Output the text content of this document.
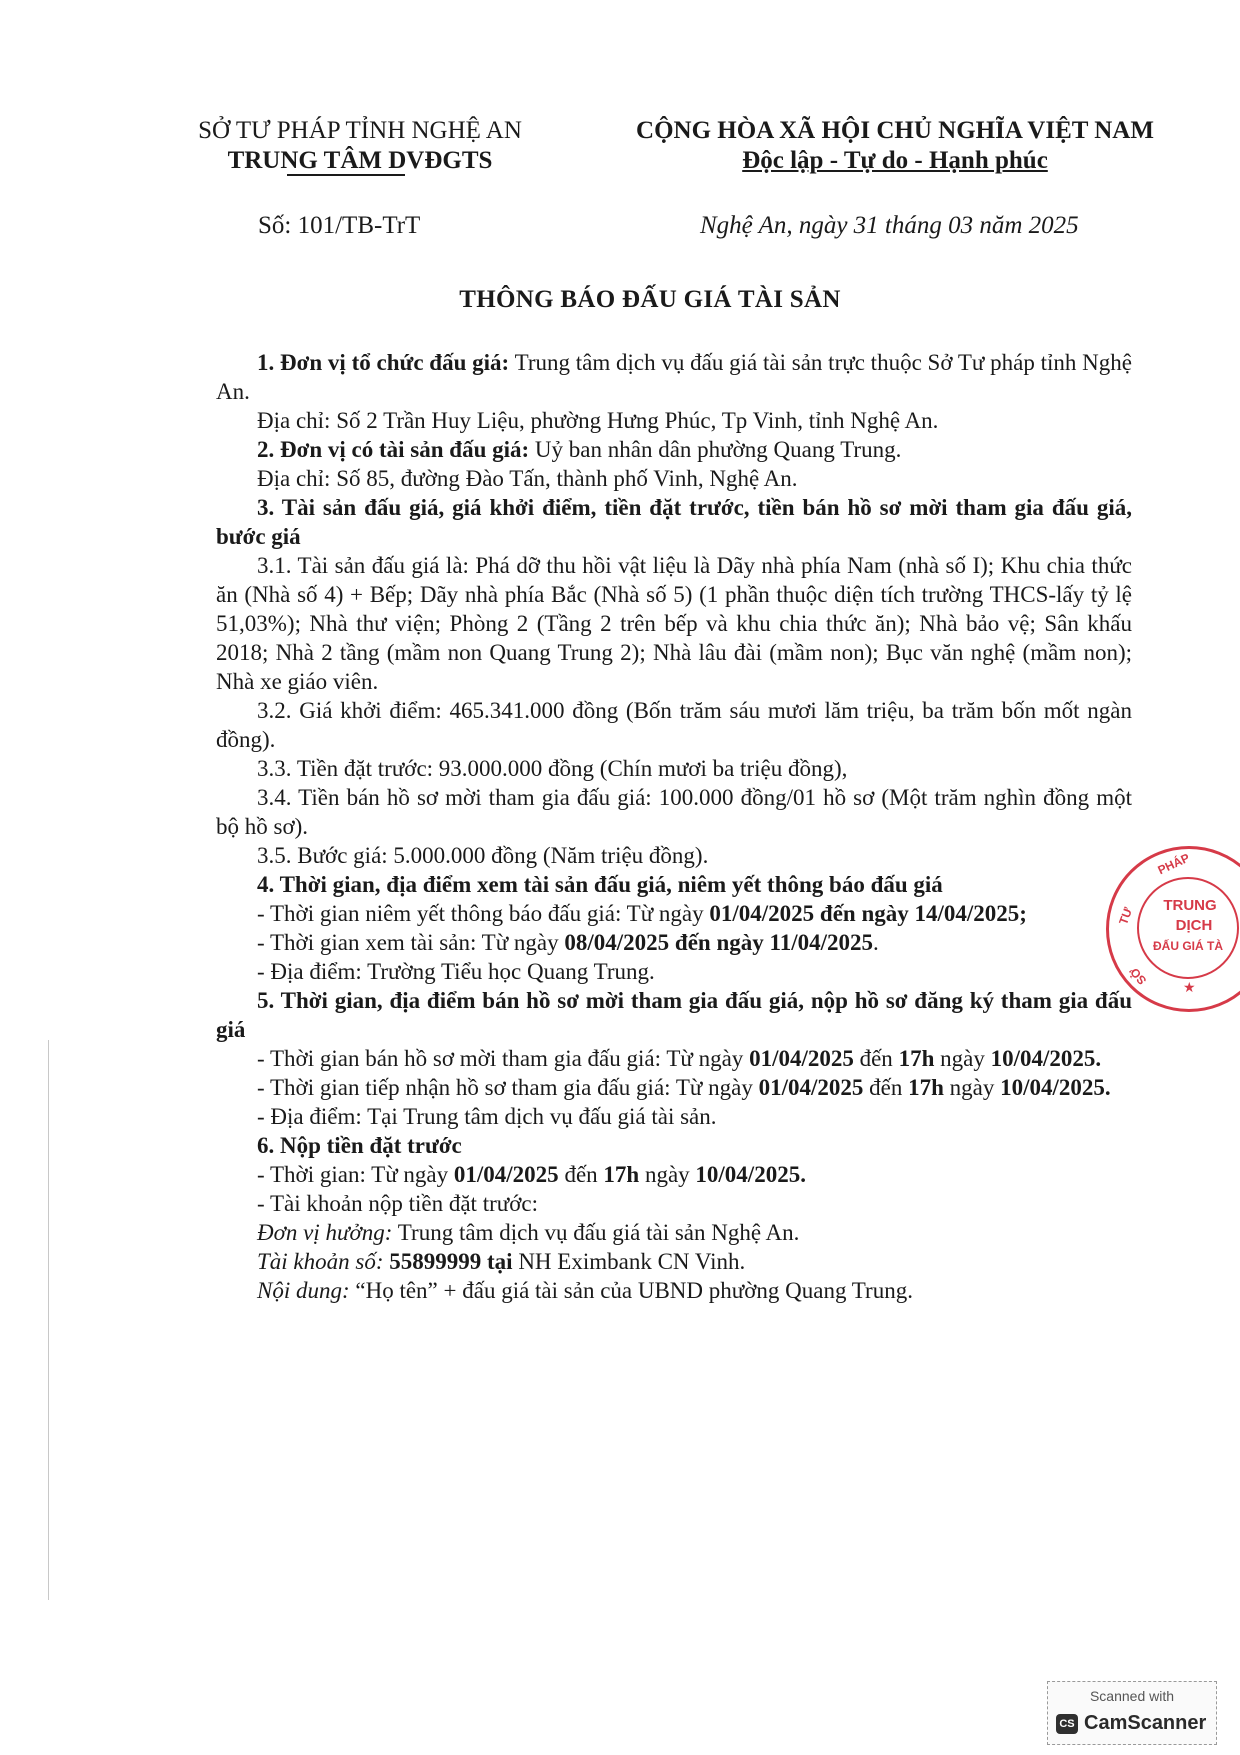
SỞ TƯ PHÁP TỈNH NGHỆ AN
TRUNG TÂM DVĐGTS
CỘNG HÒA XÃ HỘI CHỦ NGHĨA VIỆT NAM
Độc lập - Tự do - Hạnh phúc
Số: 101/TB-TrT	Nghệ An, ngày 31 tháng 03 năm 2025
THÔNG BÁO ĐẤU GIÁ TÀI SẢN

1. Đơn vị tổ chức đấu giá: Trung tâm dịch vụ đấu giá tài sản trực thuộc Sở Tư pháp tỉnh Nghệ An.

Địa chỉ: Số 2 Trần Huy Liệu, phường Hưng Phúc, Tp Vinh, tỉnh Nghệ An.

2. Đơn vị có tài sản đấu giá: Uỷ ban nhân dân phường Quang Trung.

Địa chỉ: Số 85, đường Đào Tấn, thành phố Vinh, Nghệ An.

3. Tài sản đấu giá, giá khởi điểm, tiền đặt trước, tiền bán hồ sơ mời tham gia đấu giá, bước giá

3.1. Tài sản đấu giá là: Phá dỡ thu hồi vật liệu là Dãy nhà phía Nam (nhà số I); Khu chia thức ăn (Nhà số 4) + Bếp; Dãy nhà phía Bắc (Nhà số 5) (1 phần thuộc diện tích trường THCS-lấy tỷ lệ 51,03%); Nhà thư viện; Phòng 2 (Tầng 2 trên bếp và khu chia thức ăn); Nhà bảo vệ; Sân khấu 2018; Nhà 2 tầng (mầm non Quang Trung 2); Nhà lâu đài (mầm non); Bục văn nghệ (mầm non); Nhà xe giáo viên.

3.2. Giá khởi điểm: 465.341.000 đồng (Bốn trăm sáu mươi lăm triệu, ba trăm bốn mốt ngàn đồng).

3.3. Tiền đặt trước: 93.000.000 đồng (Chín mươi ba triệu đồng),

3.4. Tiền bán hồ sơ mời tham gia đấu giá: 100.000 đồng/01 hồ sơ (Một trăm nghìn đồng một bộ hồ sơ).

3.5. Bước giá: 5.000.000 đồng (Năm triệu đồng).

4. Thời gian, địa điểm xem tài sản đấu giá, niêm yết thông báo đấu giá

- Thời gian niêm yết thông báo đấu giá: Từ ngày 01/04/2025 đến ngày 14/04/2025;

- Thời gian xem tài sản: Từ ngày 08/04/2025 đến ngày 11/04/2025.

- Địa điểm: Trường Tiểu học Quang Trung.

5. Thời gian, địa điểm bán hồ sơ mời tham gia đấu giá, nộp hồ sơ đăng ký tham gia đấu giá

- Thời gian bán hồ sơ mời tham gia đấu giá: Từ ngày 01/04/2025 đến 17h ngày 10/04/2025.

- Thời gian tiếp nhận hồ sơ tham gia đấu giá: Từ ngày 01/04/2025 đến 17h ngày 10/04/2025.

- Địa điểm: Tại Trung tâm dịch vụ đấu giá tài sản.

6. Nộp tiền đặt trước

- Thời gian: Từ ngày 01/04/2025 đến 17h ngày 10/04/2025.

- Tài khoản nộp tiền đặt trước:

Đơn vị hưởng: Trung tâm dịch vụ đấu giá tài sản Nghệ An.

Tài khoản số: 55899999 tại NH Eximbank CN Vinh.

Nội dung: “Họ tên” + đấu giá tài sản của UBND phường Quang Trung.

PHÁP
TƯ
SỞ
TRUNG
DỊCH
ĐẤU GIÁ TÀ
★
Scanned with
CS CamScanner
